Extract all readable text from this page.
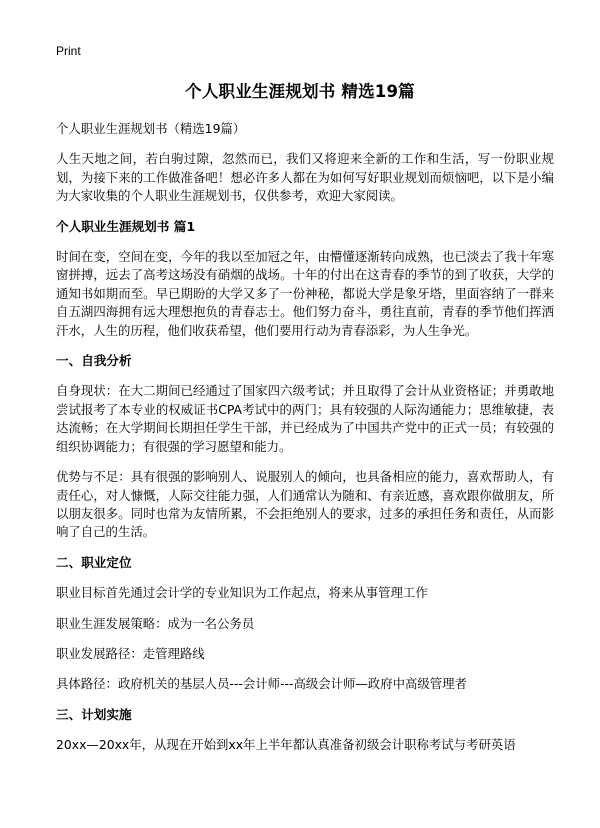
Print
个人职业生涯规划书 精选19篇

个人职业生涯规划书（精选19篇）

人生天地之间，若白驹过隙，忽然而已，我们又将迎来全新的工作和生活，写一份职业规划，为接下来的工作做准备吧！想必许多人都在为如何写好职业规划而烦恼吧，以下是小编为大家收集的个人职业生涯规划书，仅供参考，欢迎大家阅读。

个人职业生涯规划书 篇1

时间在变，空间在变，今年的我以至加冠之年，由懵懂逐渐转向成熟，也已淡去了我十年寒窗拼搏，远去了高考这场没有硝烟的战场。十年的付出在这青春的季节的到了收获，大学的通知书如期而至。早已期盼的大学又多了一份神秘，都说大学是象牙塔，里面容纳了一群来自五湖四海拥有远大理想抱负的青春志士。他们努力奋斗，勇往直前，青春的季节他们挥洒汗水，人生的历程，他们收获希望，他们要用行动为青春添彩，为人生争光。

一、自我分析

自身现状：在大二期间已经通过了国家四六级考试；并且取得了会计从业资格证；并勇敢地尝试报考了本专业的权威证书CPA考试中的两门；具有较强的人际沟通能力；思维敏捷，表达流畅；在大学期间长期担任学生干部，并已经成为了中国共产党中的正式一员；有较强的组织协调能力；有很强的学习愿望和能力。

优势与不足：具有很强的影响别人、说服别人的倾向，也具备相应的能力，喜欢帮助人，有责任心，对人慷慨，人际交往能力强，人们通常认为随和、有亲近感，喜欢跟你做朋友，所以朋友很多。同时也常为友情所累，不会拒绝别人的要求，过多的承担任务和责任，从而影响了自己的生活。

二、职业定位

职业目标首先通过会计学的专业知识为工作起点，将来从事管理工作

职业生涯发展策略：成为一名公务员

职业发展路径：走管理路线

具体路径：政府机关的基层人员---会计师---高级会计师—政府中高级管理者

三、计划实施

20xx—20xx年，从现在开始到xx年上半年都认真准备初级会计职称考试与考研英语
